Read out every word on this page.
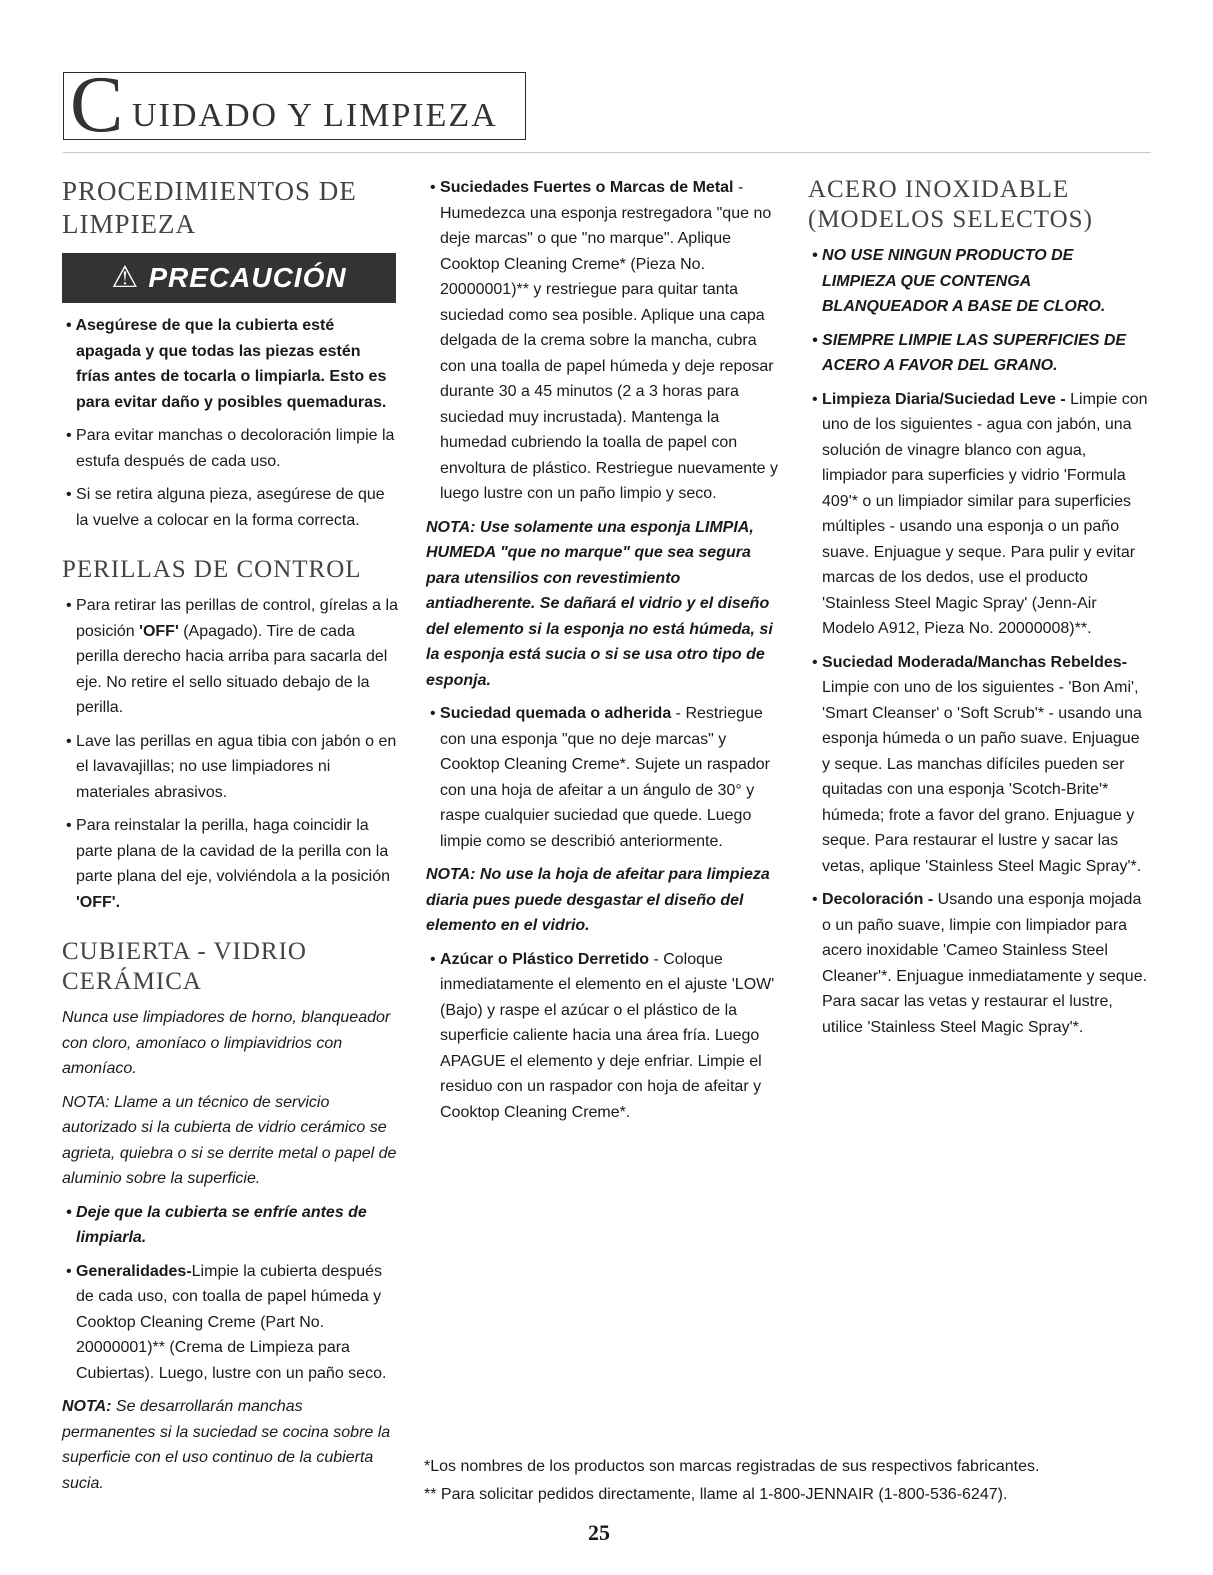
C UIDADO Y LIMPIEZA
PROCEDIMIENTOS DE LIMPIEZA
⚠ PRECAUCIÓN
• Asegúrese de que la cubierta esté apagada y que todas las piezas estén frías antes de tocarla o limpiarla. Esto es para evitar daño y posibles quemaduras.
• Para evitar manchas o decoloración limpie la estufa después de cada uso.
• Si se retira alguna pieza, asegúrese de que la vuelve a colocar en la forma correcta.
PERILLAS DE CONTROL
• Para retirar las perillas de control, gírelas a la posición 'OFF' (Apagado). Tire de cada perilla derecho hacia arriba para sacarla del eje. No retire el sello situado debajo de la perilla.
• Lave las perillas en agua tibia con jabón o en el lavavajillas; no use limpiadores ni materiales abrasivos.
• Para reinstalar la perilla, haga coincidir la parte plana de la cavidad de la perilla con la parte plana del eje, volviéndola a la posición 'OFF'.
CUBIERTA - VIDRIO CERÁMICA
Nunca use limpiadores de horno, blanqueador con cloro, amoníaco o limpiavidrios con amoníaco.
NOTA: Llame a un técnico de servicio autorizado si la cubierta de vidrio cerámico se agrieta, quiebra o si se derrite metal o papel de aluminio sobre la superficie.
• Deje que la cubierta se enfríe antes de limpiarla.
• Generalidades-Limpie la cubierta después de cada uso, con toalla de papel húmeda y Cooktop Cleaning Creme (Part No. 20000001)** (Crema de Limpieza para Cubiertas). Luego, lustre con un paño seco.
NOTA: Se desarrollarán manchas permanentes si la suciedad se cocina sobre la superficie con el uso continuo de la cubierta sucia.
• Suciedades Fuertes o Marcas de Metal - Humedezca una esponja restregadora "que no deje marcas" o que "no marque". Aplique Cooktop Cleaning Creme* (Pieza No. 20000001)** y restriegue para quitar tanta suciedad como sea posible. Aplique una capa delgada de la crema sobre la mancha, cubra con una toalla de papel húmeda y deje reposar durante 30 a 45 minutos (2 a 3 horas para suciedad muy incrustada). Mantenga la humedad cubriendo la toalla de papel con envoltura de plástico. Restriegue nuevamente y luego lustre con un paño limpio y seco.
NOTA: Use solamente una esponja LIMPIA, HUMEDA "que no marque" que sea segura para utensilios con revestimiento antiadherente. Se dañará el vidrio y el diseño del elemento si la esponja no está húmeda, si la esponja está sucia o si se usa otro tipo de esponja.
• Suciedad quemada o adherida - Restriegue con una esponja "que no deje marcas" y Cooktop Cleaning Creme*. Sujete un raspador con una hoja de afeitar a un ángulo de 30° y raspe cualquier suciedad que quede. Luego limpie como se describió anteriormente.
NOTA: No use la hoja de afeitar para limpieza diaria pues puede desgastar el diseño del elemento en el vidrio.
• Azúcar o Plástico Derretido - Coloque inmediatamente el elemento en el ajuste 'LOW' (Bajo) y raspe el azúcar o el plástico de la superficie caliente hacia una área fría. Luego APAGUE el elemento y deje enfriar. Limpie el residuo con un raspador con hoja de afeitar y Cooktop Cleaning Creme*.
ACERO INOXIDABLE (MODELOS SELECTOS)
• NO USE NINGUN PRODUCTO DE LIMPIEZA QUE CONTENGA BLANQUEADOR A BASE DE CLORO.
• SIEMPRE LIMPIE LAS SUPERFICIES DE ACERO A FAVOR DEL GRANO.
• Limpieza Diaria/Suciedad Leve - Limpie con uno de los siguientes - agua con jabón, una solución de vinagre blanco con agua, limpiador para superficies y vidrio 'Formula 409'* o un limpiador similar para superficies múltiples - usando una esponja o un paño suave. Enjuague y seque. Para pulir y evitar marcas de los dedos, use el producto 'Stainless Steel Magic Spray' (Jenn-Air Modelo A912, Pieza No. 20000008)**.
• Suciedad Moderada/Manchas Rebeldes- Limpie con uno de los siguientes - 'Bon Ami', 'Smart Cleanser' o 'Soft Scrub'* - usando una esponja húmeda o un paño suave. Enjuague y seque. Las manchas difíciles pueden ser quitadas con una esponja 'Scotch-Brite'* húmeda; frote a favor del grano. Enjuague y seque. Para restaurar el lustre y sacar las vetas, aplique 'Stainless Steel Magic Spray'*.
• Decoloración - Usando una esponja mojada o un paño suave, limpie con limpiador para acero inoxidable 'Cameo Stainless Steel Cleaner'*. Enjuague inmediatamente y seque. Para sacar las vetas y restaurar el lustre, utilice 'Stainless Steel Magic Spray'*.
*Los nombres de los productos son marcas registradas de sus respectivos fabricantes.
** Para solicitar pedidos directamente, llame al 1-800-JENNAIR (1-800-536-6247).
25
